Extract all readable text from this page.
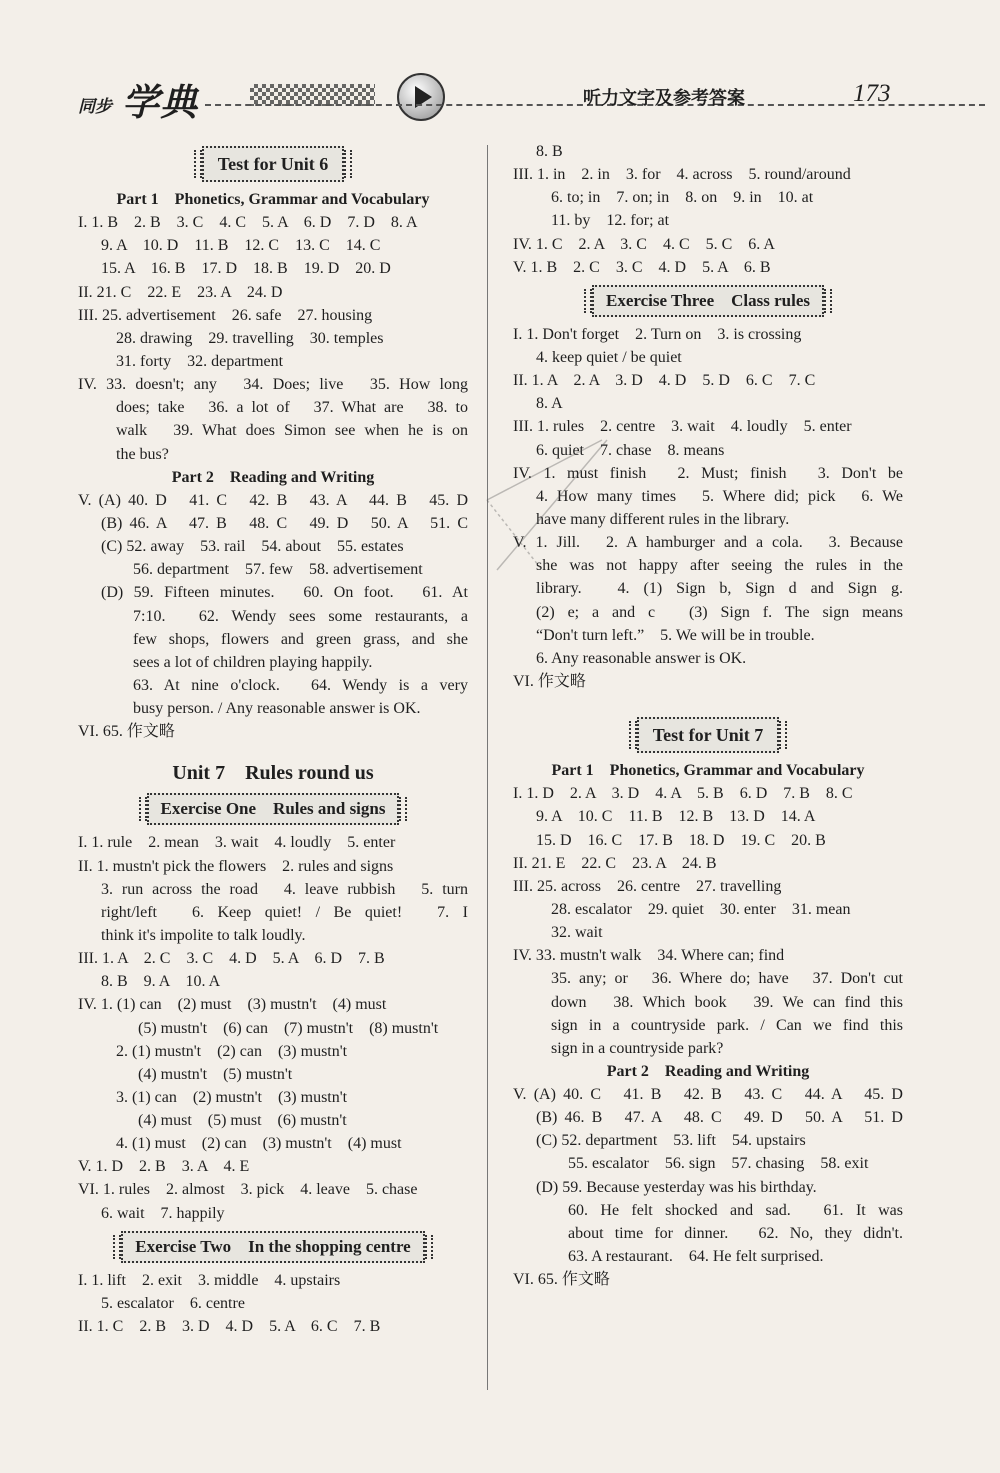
同步 学典	听力文字及参考答案	173
Test for Unit 6
Part 1　Phonetics, Grammar and Vocabulary
I. 1. B　2. B　3. C　4. C　5. A　6. D　7. D　8. A
9. A　10. D　11. B　12. C　13. C　14. C
15. A　16. B　17. D　18. B　19. D　20. D
II. 21. C　22. E　23. A　24. D
III. 25. advertisement　26. safe　27. housing
28. drawing　29. travelling　30. temples
31. forty　32. department
IV. 33. doesn't; any　34. Does; live　35. How long
does; take　36. a lot of　37. What are　38. to
walk　39. What does Simon see when he is on
the bus?
Part 2　Reading and Writing
V. (A) 40. D　41. C　42. B　43. A　44. B　45. D
(B) 46. A　47. B　48. C　49. D　50. A　51. C
(C) 52. away　53. rail　54. about　55. estates
56. department　57. few　58. advertisement
(D) 59. Fifteen minutes.　60. On foot.　61. At
7:10.　62. Wendy sees some restaurants, a
few shops, flowers and green grass, and she
sees a lot of children playing happily.
63. At nine o'clock.　64. Wendy is a very
busy person. / Any reasonable answer is OK.
VI. 65. 作文略
Unit 7　Rules round us
Exercise One　Rules and signs
I. 1. rule　2. mean　3. wait　4. loudly　5. enter
II. 1. mustn't pick the flowers　2. rules and signs
3. run across the road　4. leave rubbish　5. turn
right/left　6. Keep quiet! / Be quiet!　7. I
think it's impolite to talk loudly.
III. 1. A　2. C　3. C　4. D　5. A　6. D　7. B
8. B　9. A　10. A
IV. 1. (1) can　(2) must　(3) mustn't　(4) must
(5) mustn't　(6) can　(7) mustn't　(8) mustn't
2. (1) mustn't　(2) can　(3) mustn't
(4) mustn't　(5) mustn't
3. (1) can　(2) mustn't　(3) mustn't
(4) must　(5) must　(6) mustn't
4. (1) must　(2) can　(3) mustn't　(4) must
V. 1. D　2. B　3. A　4. E
VI. 1. rules　2. almost　3. pick　4. leave　5. chase
6. wait　7. happily
Exercise Two　In the shopping centre
I. 1. lift　2. exit　3. middle　4. upstairs
5. escalator　6. centre
II. 1. C　2. B　3. D　4. D　5. A　6. C　7. B
8. B
III. 1. in　2. in　3. for　4. across　5. round/around
6. to; in　7. on; in　8. on　9. in　10. at
11. by　12. for; at
IV. 1. C　2. A　3. C　4. C　5. C　6. A
V. 1. B　2. C　3. C　4. D　5. A　6. B
Exercise Three　Class rules
I. 1. Don't forget　2. Turn on　3. is crossing
4. keep quiet / be quiet
II. 1. A　2. A　3. D　4. D　5. D　6. C　7. C
8. A
III. 1. rules　2. centre　3. wait　4. loudly　5. enter
6. quiet　7. chase　8. means
IV. 1. must finish　2. Must; finish　3. Don't be
4. How many times　5. Where did; pick　6. We
have many different rules in the library.
V. 1. Jill.　2. A hamburger and a cola.　3. Because
she was not happy after seeing the rules in the
library.　4. (1) Sign b, Sign d and Sign g.
(2) e; a and c　(3) Sign f. The sign means
“Don't turn left.”　5. We will be in trouble.
6. Any reasonable answer is OK.
VI. 作文略
Test for Unit 7
Part 1　Phonetics, Grammar and Vocabulary
I. 1. D　2. A　3. D　4. A　5. B　6. D　7. B　8. C
9. A　10. C　11. B　12. B　13. D　14. A
15. D　16. C　17. B　18. D　19. C　20. B
II. 21. E　22. C　23. A　24. B
III. 25. across　26. centre　27. travelling
28. escalator　29. quiet　30. enter　31. mean
32. wait
IV. 33. mustn't walk　34. Where can; find
35. any; or　36. Where do; have　37. Don't cut
down　38. Which book　39. We can find this
sign in a countryside park. / Can we find this
sign in a countryside park?
Part 2　Reading and Writing
V. (A) 40. C　41. B　42. B　43. C　44. A　45. D
(B) 46. B　47. A　48. C　49. D　50. A　51. D
(C) 52. department　53. lift　54. upstairs
55. escalator　56. sign　57. chasing　58. exit
(D) 59. Because yesterday was his birthday.
60. He felt shocked and sad.　61. It was
about time for dinner.　62. No, they didn't.
63. A restaurant.　64. He felt surprised.
VI. 65. 作文略
